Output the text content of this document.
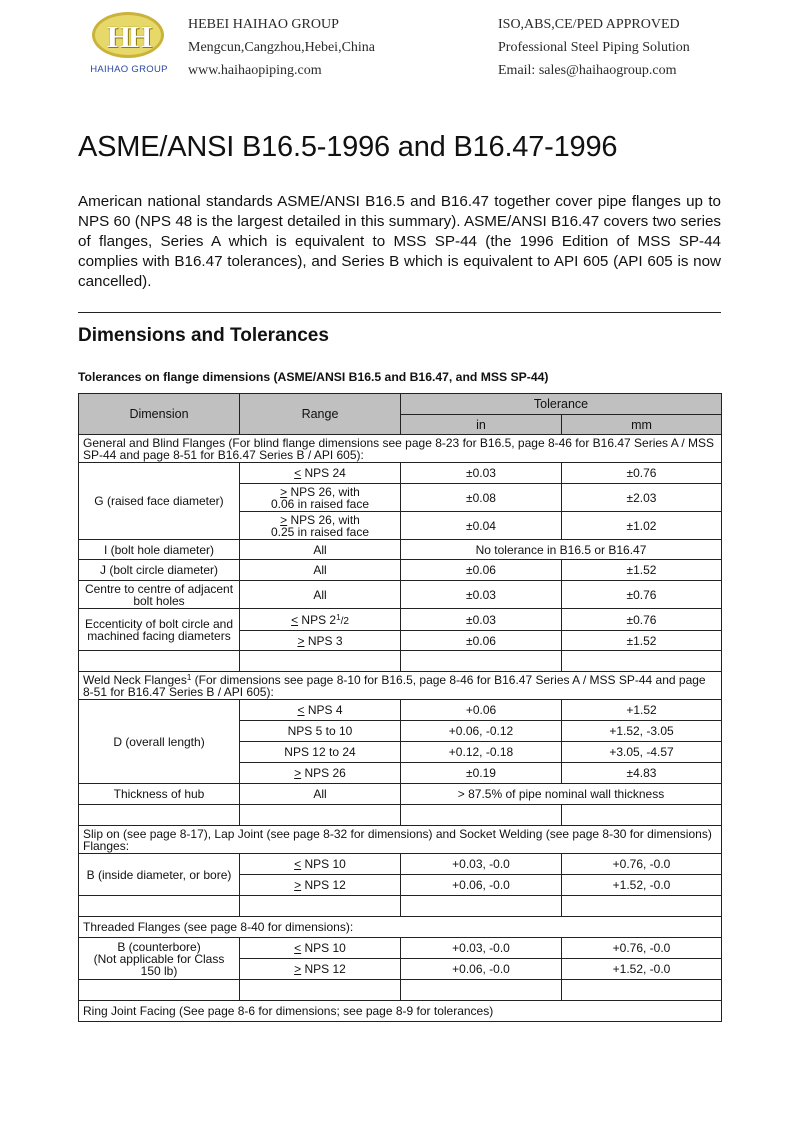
HH
HAIHAO GROUP
HEBEI HAIHAO GROUP
Mengcun,Cangzhou,Hebei,China
www.haihaopiping.com
ISO,ABS,CE/PED APPROVED
Professional Steel Piping Solution
Email: sales@haihaogroup.com
ASME/ANSI B16.5-1996 and B16.47-1996

American national standards ASME/ANSI B16.5 and B16.47 together cover pipe flanges up to NPS 60 (NPS 48 is the largest detailed in this summary). ASME/ANSI B16.47 covers two series of flanges, Series A which is equivalent to MSS SP-44 (the 1996 Edition of MSS SP-44 complies with B16.47 tolerances), and Series B which is equivalent to API 605 (API 605 is now cancelled).

Dimensions and Tolerances
Tolerances on flange dimensions (ASME/ANSI B16.5 and B16.47, and MSS SP-44)
Dimension	Range	Tolerance	
		in	mm
General and Blind Flanges (For blind flange dimensions see page 8-23 for B16.5, page 8-46 for B16.47 Series A / MSS SP-44 and page 8-51 for B16.47 Series B / API 605):			
G (raised face diameter)	< NPS 24	±0.03	±0.76
	> NPS 26, with
0.06 in raised face	±0.08	±2.03
	> NPS 26, with
0.25 in raised face	±0.04	±1.02
I (bolt hole diameter)	All	No tolerance in B16.5 or B16.47	
J (bolt circle diameter)	All	±0.06	±1.52
Centre to centre of adjacent bolt holes	All	±0.03	±0.76
Eccenticity of bolt circle and machined facing diameters	< NPS $2^1/2$	±0.03	±0.76
	> NPS 3	±0.06	±1.52

Weld Neck Flanges$^1$ (For dimensions see page 8-10 for B16.5, page 8-46 for B16.47 Series A / MSS SP-44 and page 8-51 for B16.47 Series B / API 605):			
D (overall length)	< NPS 4	+0.06	+1.52
	NPS 5 to 10	+0.06, -0.12	+1.52, -3.05
	NPS 12 to 24	+0.12, -0.18	+3.05, -4.57
	> NPS 26	±0.19	±4.83
Thickness of hub	All	> 87.5% of pipe nominal wall thickness	

Slip on (see page 8-17), Lap Joint (see page 8-32 for dimensions) and Socket Welding (see page 8-30 for dimensions) Flanges:			
B (inside diameter, or bore)	< NPS 10	+0.03, -0.0	+0.76, -0.0
	> NPS 12	+0.06, -0.0	+1.52, -0.0

Threaded Flanges (see page 8-40 for dimensions):			
B (counterbore)
(Not applicable for Class 150 lb)	< NPS 10	+0.03, -0.0	+0.76, -0.0
	> NPS 12	+0.06, -0.0	+1.52, -0.0

Ring Joint Facing (See page 8-6 for dimensions; see page 8-9 for tolerances)			
